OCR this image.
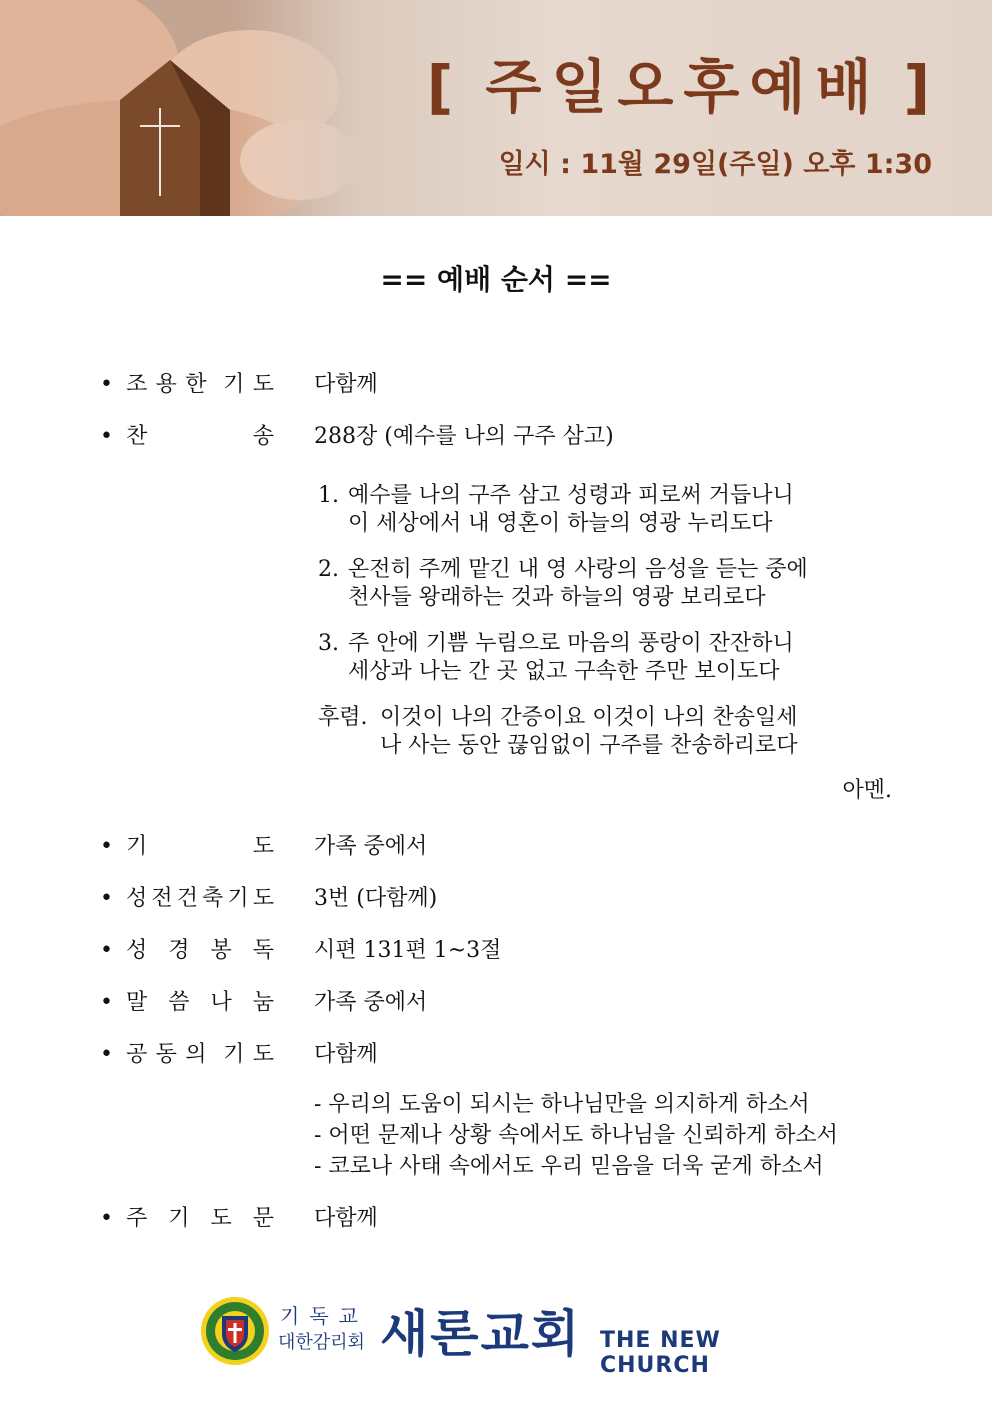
[ 주일오후예배 ]
일시 : 11월 29일(주일) 오후 1:30
== 예배 순서 ==
• 조 용 한 기 도 다함께
• 찬	송 288장 (예수를 나의 구주 삼고)
1. 예수를 나의 구주 삼고 성령과 피로써 거듭나니
이 세상에서 내 영혼이 하늘의 영광 누리도다
2. 온전히 주께 맡긴 내 영 사랑의 음성을 듣는 중에
천사들 왕래하는 것과 하늘의 영광 보리로다
3. 주 안에 기쁨 누림으로 마음의 풍랑이 잔잔하니
세상과 나는 간 곳 없고 구속한 주만 보이도다
후렴. 이것이 나의 간증이요 이것이 나의 찬송일세
나 사는 동안 끊임없이 구주를 찬송하리로다
아멘.
• 기	도 가족 중에서
• 성 전 건 축 기 도 3번 (다함께)
• 성 경 봉 독 시편 131편 1~3절
• 말 씀 나 눔 가족 중에서
• 공 동 의 기 도 다함께
- 우리의 도움이 되시는 하나님만을 의지하게 하소서
- 어떤 문제나 상황 속에서도 하나님을 신뢰하게 하소서
- 코로나 사태 속에서도 우리 믿음을 더욱 굳게 하소서
• 주 기 도 문 다함께
기독교
대한감리회 새론교회 THE NEW CHURCH
